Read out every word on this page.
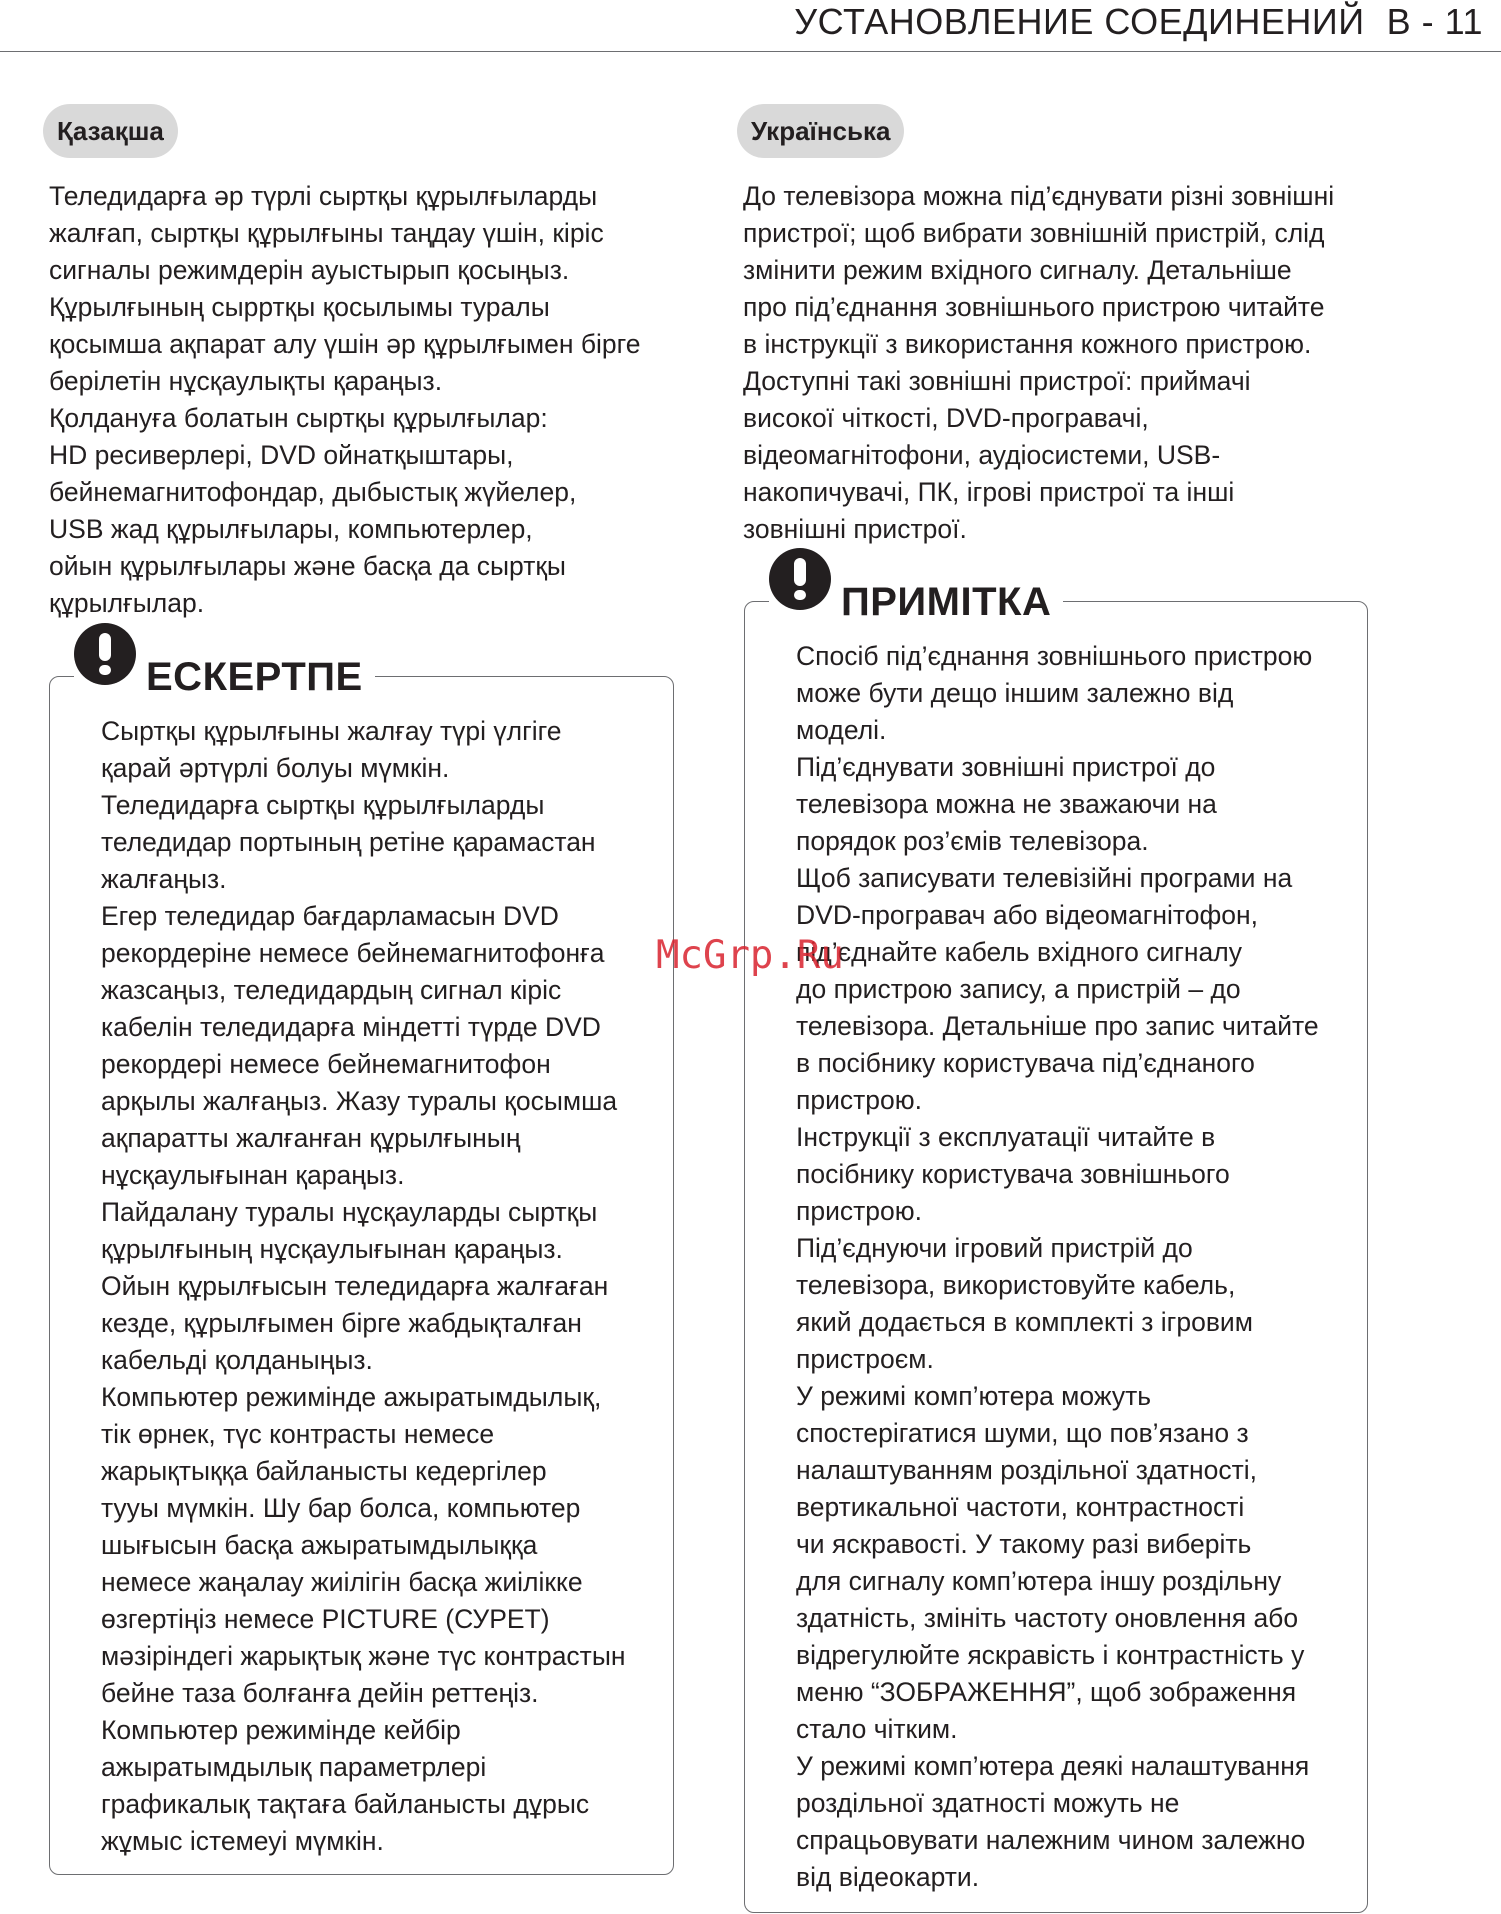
УСТАНОВЛЕНИЕ СОЕДИНЕНИЙ B - 11
Қазақша

Теледидарға әр түрлі сыртқы құрылғыларды

жалғап, сыртқы құрылғыны таңдау үшін, кіріс

сигналы режимдерін ауыстырып қосыңыз.

Құрылғының сырртқы қосылымы туралы

қосымша ақпарат алу үшін әр құрылғымен бірге

берілетін нұсқаулықты қараңыз.

Қолдануға болатын сыртқы құрылғылар:

HD ресиверлері, DVD ойнатқыштары,

бейнемагнитофондар, дыбыстық жүйелер,

USB жад құрылғылары, компьютерлер,

ойын құрылғылары және басқа да сыртқы

құрылғылар.

ЕСКЕРТПЕ

Сыртқы құрылғыны жалғау түрі үлгіге

қарай әртүрлі болуы мүмкін.

Теледидарға сыртқы құрылғыларды

теледидар портының ретіне қарамастан

жалғаңыз.

Егер теледидар бағдарламасын DVD

рекордеріне немесе бейнемагнитофонға

жазсаңыз, теледидардың сигнал кіріс

кабелін теледидарға міндетті түрде DVD

рекордері немесе бейнемагнитофон

арқылы жалғаңыз. Жазу туралы қосымша

ақпаратты жалғанған құрылғының

нұсқаулығынан қараңыз.

Пайдалану туралы нұсқауларды сыртқы

құрылғының нұсқаулығынан қараңыз.

Ойын құрылғысын теледидарға жалғаған

кезде, құрылғымен бірге жабдықталған

кабельді қолданыңыз.

Компьютер режимінде ажыратымдылық,

тік өрнек, түс контрасты немесе

жарықтыққа байланысты кедергілер

тууы мүмкін. Шу бар болса, компьютер

шығысын басқа ажыратымдылыққа

немесе жаңалау жиілігін басқа жиілікке

өзгертіңіз немесе PICTURE (СУРЕТ)

мәзіріндегі жарықтық және түс контрастын

бейне таза болғанға дейін реттеңіз.

Компьютер режимінде кейбір

ажыратымдылық параметрлері

графикалық тақтаға байланысты дұрыс

жұмыс істемеуі мүмкін.

Українська

До телевізора можна під’єднувати різні зовнішні

пристрої; щоб вибрати зовнішній пристрій, слід

змінити режим вхідного сигналу. Детальніше

про під’єднання зовнішнього пристрою читайте

в інструкції з використання кожного пристрою.

Доступні такі зовнішні пристрої: приймачі

високої чіткості, DVD-програвачі,

відеомагнітофони, аудіосистеми, USB-

накопичувачі, ПК, ігрові пристрої та інші

зовнішні пристрої.

ПРИМІТКА

Спосіб під’єднання зовнішнього пристрою

може бути дещо іншим залежно від

моделі.

Під’єднувати зовнішні пристрої до

телевізора можна не зважаючи на

порядок роз’ємів телевізора.

Щоб записувати телевізійні програми на

DVD-програвач або відеомагнітофон,

під’єднайте кабель вхідного сигналу

до пристрою запису, а пристрій – до

телевізора. Детальніше про запис читайте

в посібнику користувача під’єднаного

пристрою.

Інструкції з експлуатації читайте в

посібнику користувача зовнішнього

пристрою.

Під’єднуючи ігровий пристрій до

телевізора, використовуйте кабель,

який додається в комплекті з ігровим

пристроєм.

У режимі комп’ютера можуть

спостерігатися шуми, що пов’язано з

налаштуванням роздільної здатності,

вертикальної частоти, контрастності

чи яскравості. У такому разі виберіть

для сигналу комп’ютера іншу роздільну

здатність, змініть частоту оновлення або

відрегулюйте яскравість і контрастність у

меню “ЗОБРАЖЕННЯ”, щоб зображення

стало чітким.

У режимі комп’ютера деякі налаштування

роздільної здатності можуть не

спрацьовувати належним чином залежно

від відеокарти.

McGrp.Ru
